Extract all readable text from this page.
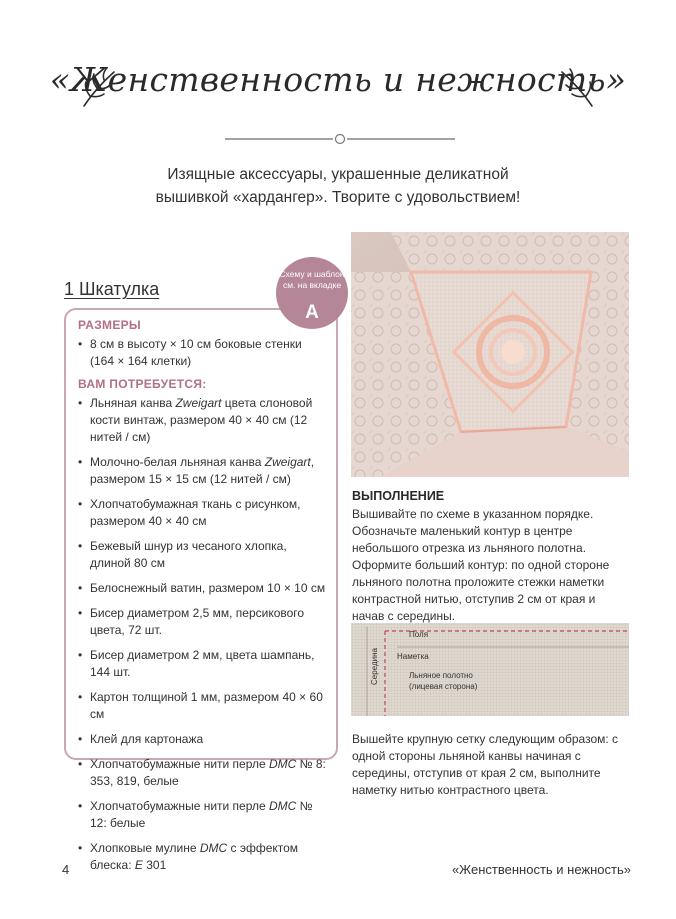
«Женственность и нежность»
Изящные аксессуары, украшенные деликатной вышивкой «хардангер». Творите с удовольствием!
1 Шкатулка
РАЗМЕРЫ
• 8 см в высоту × 10 см боковые стенки (164 × 164 клетки)
ВАМ ПОТРЕБУЕТСЯ:
• Льняная канва Zweigart цвета слоновой кости винтаж, размером 40 × 40 см (12 нитей / см)
• Молочно-белая льняная канва Zweigart, размером 15 × 15 см (12 нитей / см)
• Хлопчатобумажная ткань с рисунком, размером 40 × 40 см
• Бежевый шнур из чесаного хлопка, длиной 80 см
• Белоснежный ватин, размером 10 × 10 см
• Бисер диаметром 2,5 мм, персикового цвета, 72 шт.
• Бисер диаметром 2 мм, цвета шампань, 144 шт.
• Картон толщиной 1 мм, размером 40 × 60 см
• Клей для картонажа
• Хлопчатобумажные нити перле DMC № 8: 353, 819, белые
• Хлопчатобумажные нити перле DMC № 12: белые
• Хлопковые мулине DMC с эффектом блеска: E 301
Схему и шаблон см. на вкладке
A
ВЫПОЛНЕНИЕ
Вышивайте по схеме в указанном порядке. Обозначьте маленький контур в центре небольшого отрезка из льняного полотна.
Оформите больший контур: по одной стороне льняного полотна проложите стежки наметки контрастной нитью, отступив 2 см от края и начав с середины.
Поля
Наметка
Льняное полотно
(лицевая сторона)
Середина
Вышейте крупную сетку следующим образом: с одной стороны льняной канвы начиная с середины, отступив от края 2 см, выполните наметку нитью контрастного цвета.
4	«Женственность и нежность»
